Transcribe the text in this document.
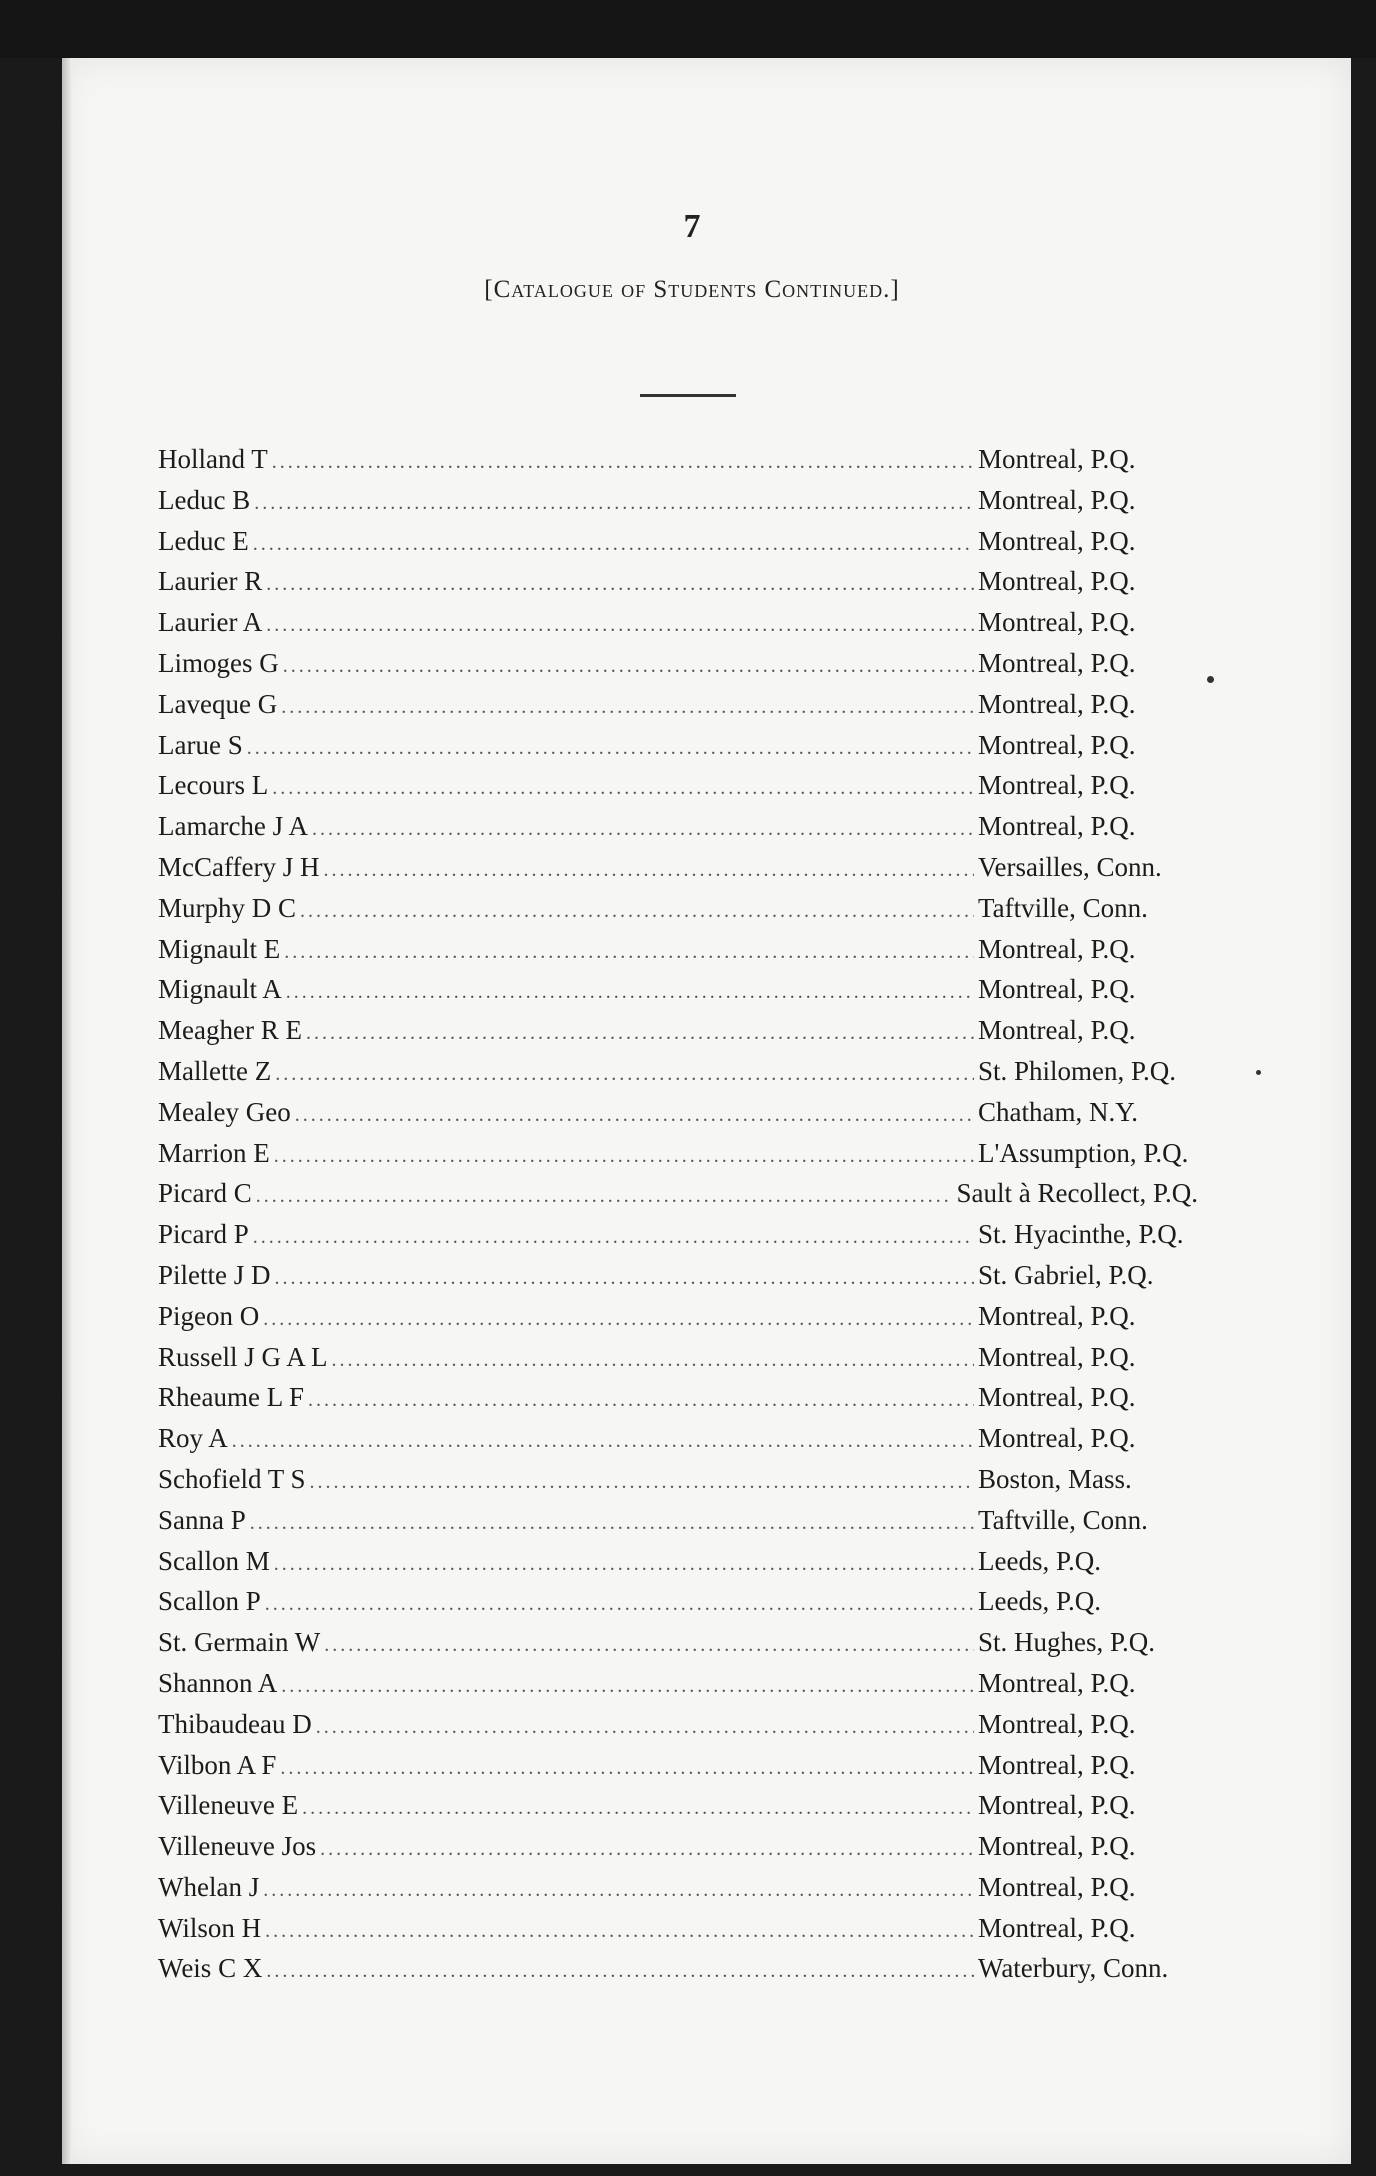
7
[Catalogue of Students Continued.]
Holland T .....	Montreal, P.Q.
Leduc B .....	Montreal, P.Q.
Leduc E .....	Montreal, P.Q.
Laurier R .....	Montreal, P.Q.
Laurier A .....	Montreal, P.Q.
Limoges G .....	Montreal, P.Q.
Laveque G .....	Montreal, P.Q.
Larue S .....	Montreal, P.Q.
Lecours L .....	Montreal, P.Q.
Lamarche J A .....	Montreal, P.Q.
McCaffery J H .....	Versailles, Conn.
Murphy D C .....	Taftville, Conn.
Mignault E .....	Montreal, P.Q.
Mignault A .....	Montreal, P.Q.
Meagher R E .....	Montreal, P.Q.
Mallette Z .....	St. Philomen, P.Q.
Mealey Geo .....	Chatham, N.Y.
Marrion E .....	L'Assumption, P.Q.
Picard C .....	Sault à Recollect, P.Q.
Picard P .....	St. Hyacinthe, P.Q.
Pilette J D .....	St. Gabriel, P.Q.
Pigeon O .....	Montreal, P.Q.
Russell J G A L .....	Montreal, P.Q.
Rheaume L F .....	Montreal, P.Q.
Roy A .....	Montreal, P.Q.
Schofield T S .....	Boston, Mass.
Sanna P .....	Taftville, Conn.
Scallon M .....	Leeds, P.Q.
Scallon P .....	Leeds, P.Q.
St. Germain W .....	St. Hughes, P.Q.
Shannon A .....	Montreal, P.Q.
Thibaudeau D .....	Montreal, P.Q.
Vilbon A F .....	Montreal, P.Q.
Villeneuve E .....	Montreal, P.Q.
Villeneuve Jos .....	Montreal, P.Q.
Whelan J .....	Montreal, P.Q.
Wilson H .....	Montreal, P.Q.
Weis C X .....	Waterbury, Conn.
